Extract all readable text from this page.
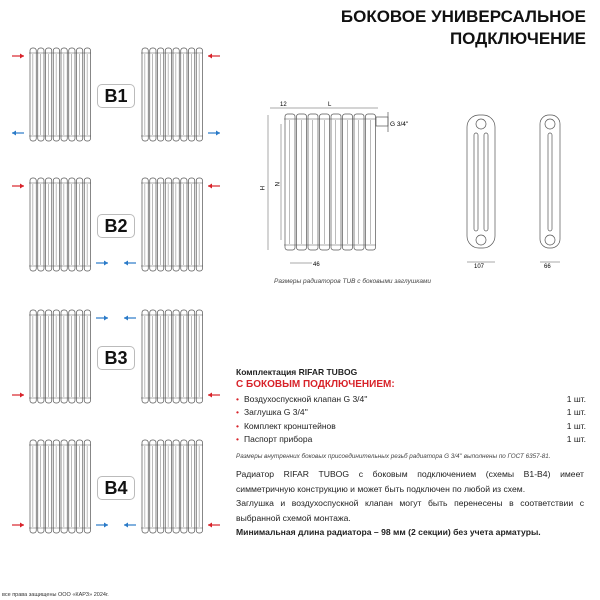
БОКОВОЕ УНИВЕРСАЛЬНОЕ
ПОДКЛЮЧЕНИЕ
B1
B2
B3
B4
12	L
G 3/4''
H
N
46	107	66
Размеры радиаторов TUB с боковыми заглушками
Комплектация RIFAR TUBOG
С БОКОВЫМ ПОДКЛЮЧЕНИЕМ:
• Воздухоспускной клапан G 3/4''	1 шт.
• Заглушка G 3/4''	1 шт.
• Комплект кронштейнов	1 шт.
• Паспорт прибора	1 шт.
Размеры внутренних боковых присоединительных резьб радиатора G 3/4'' выполнены по ГОСТ 6357-81.
Радиатор RIFAR TUBOG с боковым подключением (схемы В1-В4) имеет симметричную конструкцию и может быть подключен по любой из схем.
Заглушка и воздухоспускной клапан могут быть перенесены в соответствии с выбранной схемой монтажа.
Минимальная длина радиатора – 98 мм (2 секции) без учета арматуры.
все права защищены ООО «КАРЗ» 2024г.
